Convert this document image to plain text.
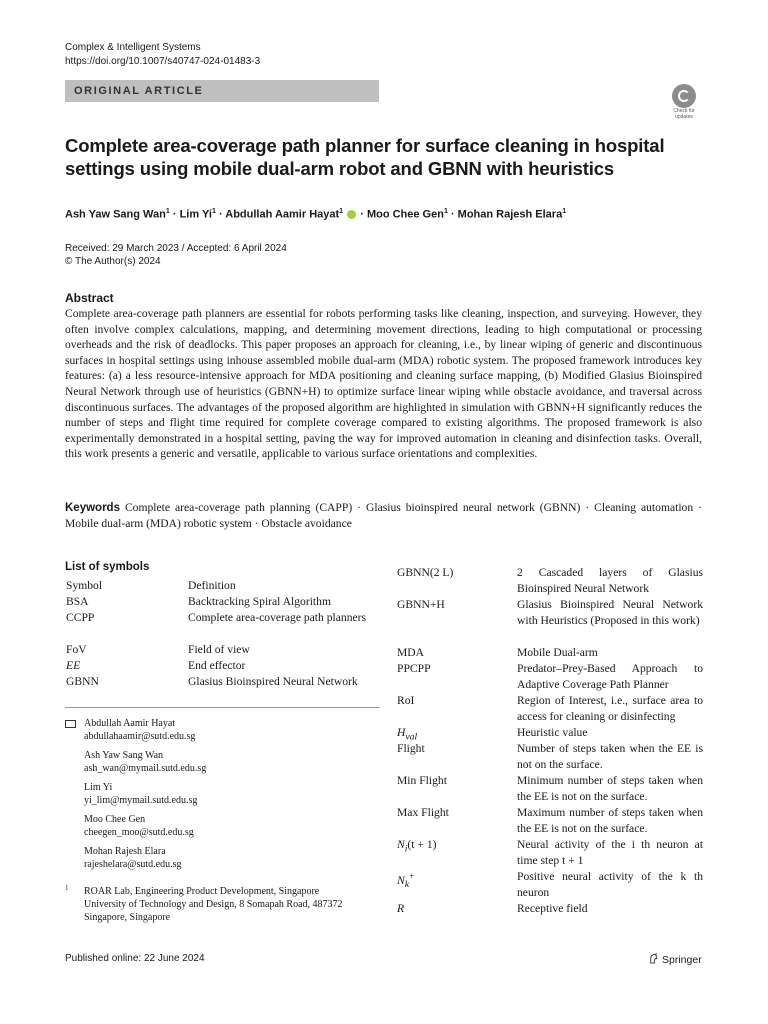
Complex & Intelligent Systems
https://doi.org/10.1007/s40747-024-01483-3
ORIGINAL ARTICLE
Check for
updates
Complete area-coverage path planner for surface cleaning in hospital settings using mobile dual-arm robot and GBNN with heuristics
Ash Yaw Sang Wan$^1$ · Lim $Yi^1$ · Abdullah Aamir Hayat$^1$ · Moo Chee Gen$^1$ · Mohan Rajesh Elara$^1$
Received: 29 March 2023 / Accepted: 6 April 2024
© The Author(s) 2024
Abstract
Complete area-coverage path planners are essential for robots performing tasks like cleaning, inspection, and surveying. However, they often involve complex calculations, mapping, and determining movement directions, leading to high computational or processing overheads and the risk of deadlocks. This paper proposes an approach for cleaning, i.e., by linear wiping of generic and discontinuous surfaces in hospital settings using inhouse assembled mobile dual-arm (MDA) robotic system. The proposed framework introduces key features: (a) a less resource-intensive approach for MDA positioning and cleaning surface mapping, (b) Modified Glasius Bioinspired Neural Network through use of heuristics (GBNN+H) to optimize surface linear wiping while obstacle avoidance, and traversal across discontinuous surfaces. The advantages of the proposed algorithm are highlighted in simulation with GBNN+H significantly reduces the number of steps and flight time required for complete coverage compared to existing algorithms. The proposed framework is also experimentally demonstrated in a hospital setting, paving the way for improved automation in cleaning and disinfection tasks. Overall, this work presents a generic and versatile, applicable to various surface orientations and complexities.
Keywords Complete area-coverage path planning (CAPP) · Glasius bioinspired neural network (GBNN) · Cleaning automation · Mobile dual-arm (MDA) robotic system · Obstacle avoidance
List of symbols
Symbol	Definition
BSA	Backtracking Spiral Algorithm
CCPP	Complete area-coverage path planners
FoV	Field of view
EE	End effector
GBNN	Glasius Bioinspired Neural Network
GBNN(2 L)	2 Cascaded layers of Glasius Bioinspired Neural Network
GBNN+H	Glasius Bioinspired Neural Network with Heuristics (Proposed in this work)
MDA	Mobile Dual-arm
PPCPP	Predator–Prey-Based Approach to Adaptive Coverage Path Planner
RoI	Region of Interest, i.e., surface area to access for cleaning or disinfecting
$H_{val}$	Heuristic value
Flight	Number of steps taken when the EE is not on the surface.
Min Flight	Minimum number of steps taken when the EE is not on the surface.
Max Flight	Maximum number of steps taken when the EE is not on the surface.
$N_i(t + 1)$	Neural activity of the i th neuron at time step t + 1
$N_k^+$	Positive neural activity of the k th neuron
R	Receptive field
Abdullah Aamir Hayat
abdullahaamir@sutd.edu.sg
Ash Yaw Sang Wan
ash_wan@mymail.sutd.edu.sg
Lim Yi
yi_lim@mymail.sutd.edu.sg
Moo Chee Gen
cheegen_moo@sutd.edu.sg
Mohan Rajesh Elara
rajeshelara@sutd.edu.sg
1 ROAR Lab, Engineering Product Development, Singapore University of Technology and Design, 8 Somapah Road, 487372 Singapore, Singapore
Published online: 22 June 2024	Springer
